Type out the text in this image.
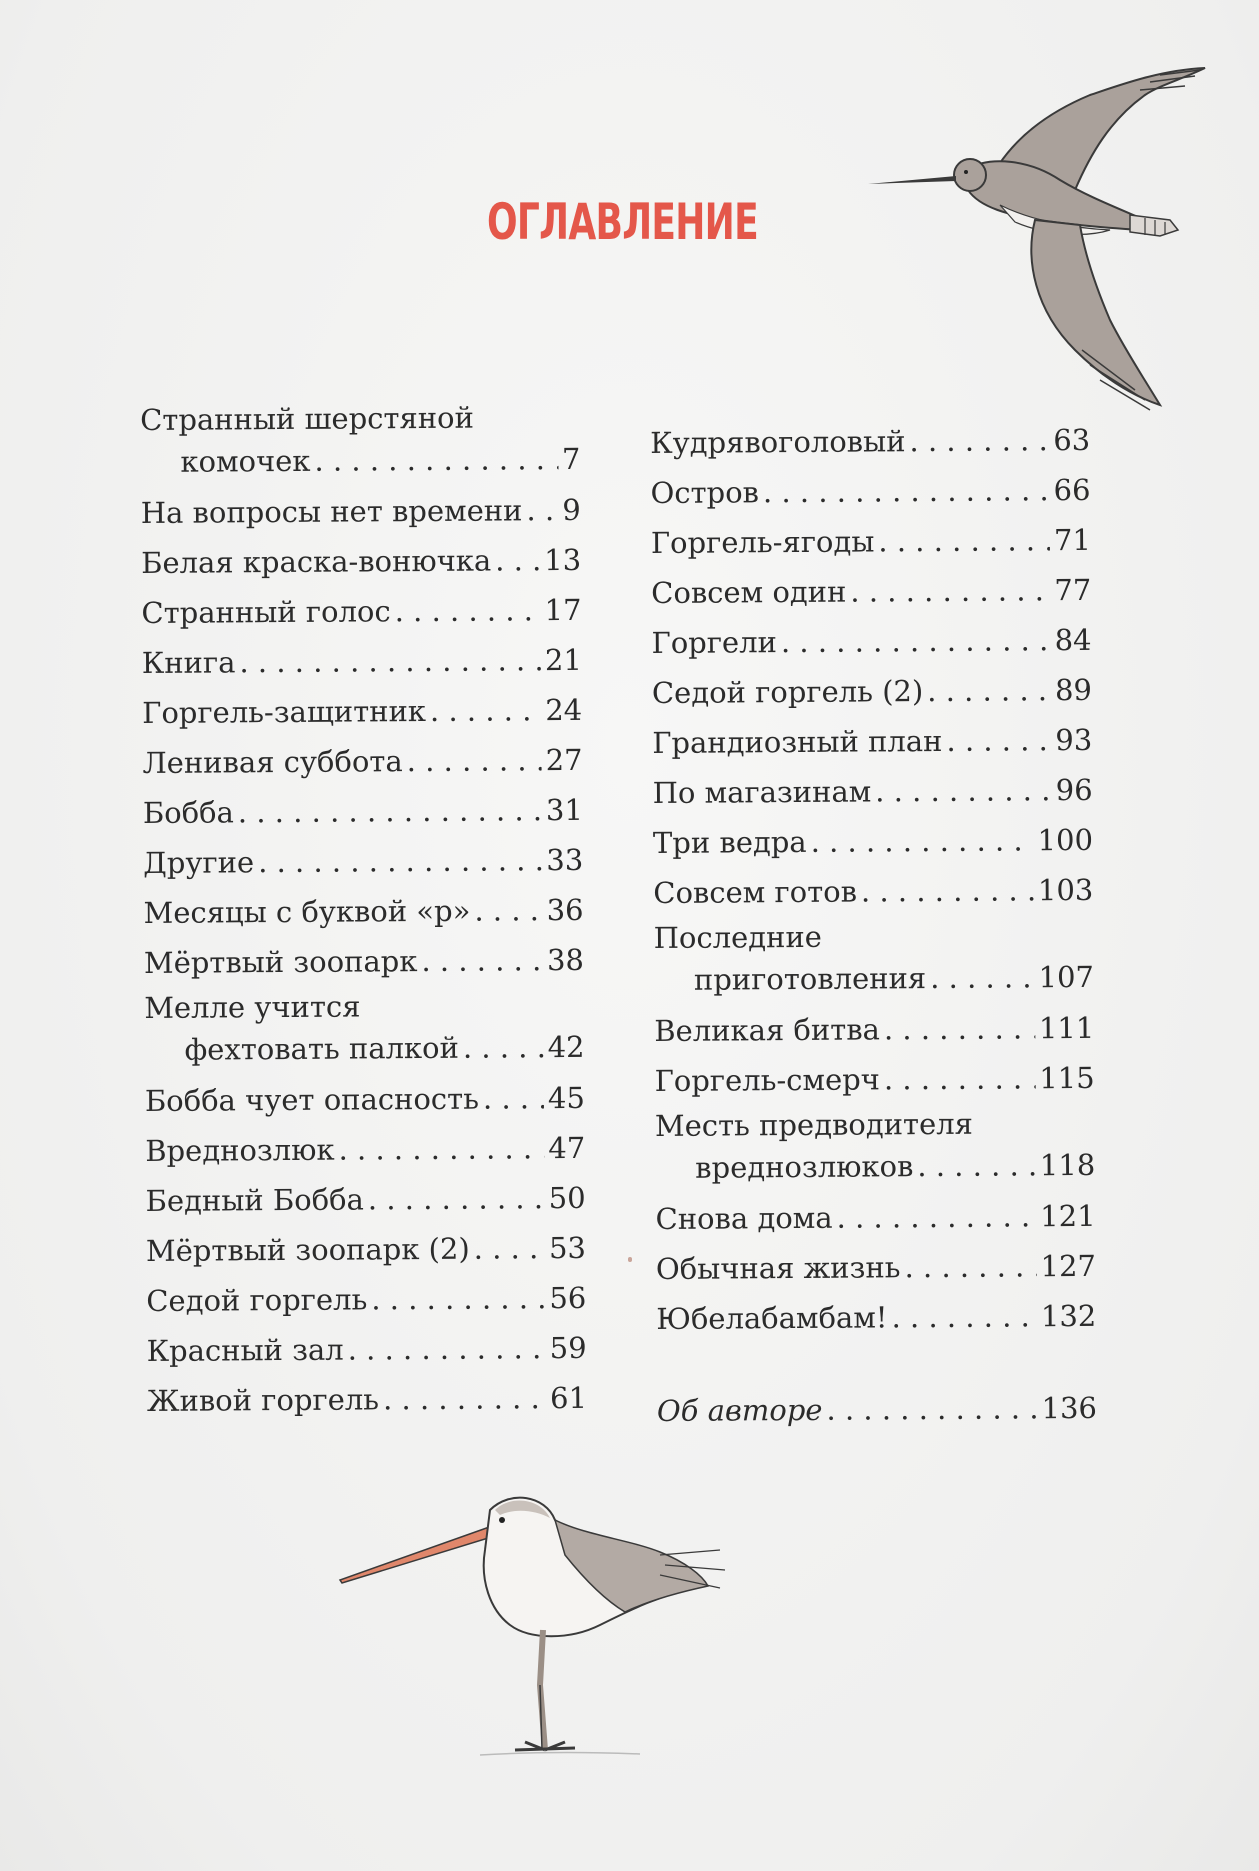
ОГЛАВЛЕНИЕ
Странный шерстяной
комочек . . .	7
На вопросы нет времени . . . 9
Белая краска-вонючка . . . 13
Странный голос . . .	17
Книга . . .	21
Горгель-защитник . . .	24
Ленивая суббота . . .	27
Бобба . . .	31
Другие . . .	33
Месяцы с буквой «р» . . .	36
Мёртвый зоопарк . . .	38
Мелле учится
фехтовать палкой . . .	42
Бобба чует опасность . . . 45
Вреднозлюк . . .	47
Бедный Бобба . . .	50
Мёртвый зоопарк (2) . . .	53
Седой горгель . . .	56
Красный зал . . .	59
Живой горгель . . .	61
Кудрявоголовый . . .	63
Остров . . .	66
Горгель-ягоды . . .	71
Совсем один . . .	77
Горгели . . .	84
Седой горгель (2) . . .	89
Грандиозный план . . .	93
По магазинам . . .	96
Три ведра . . .	100
Совсем готов . . .	103
Последние
приготовления . . .	107
Великая битва . . .	111
Горгель-смерч . . .	115
Месть предводителя
вреднозлюков . . .	118
Снова дома . . .	121
Обычная жизнь . . .	127
Юбелабамбам! . . .	132
Об авторе . . .	136
